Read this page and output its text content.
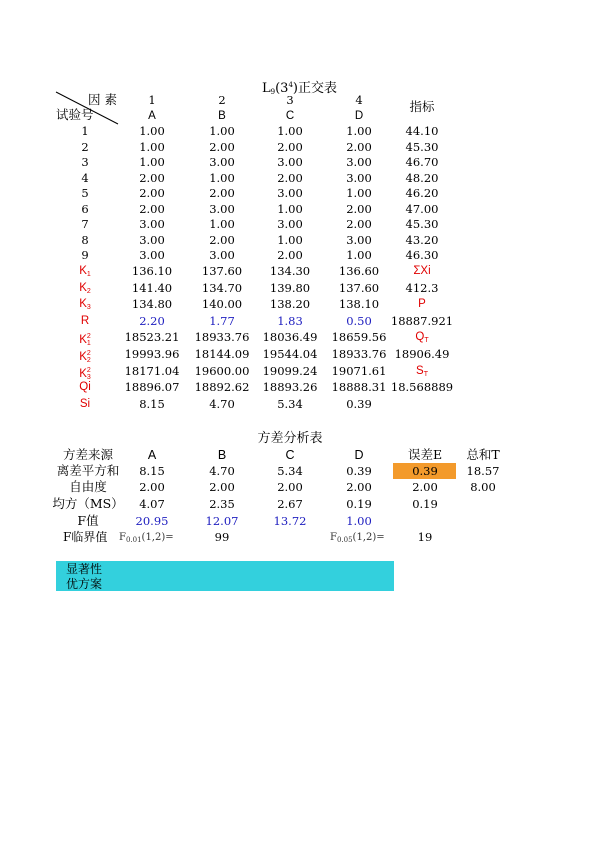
$L_9(3^4)$正交表
因 素
试验号
1	2	3	4
A	B	C	D
指标
1	1.00	1.00	1.00	1.00	44.10
2	1.00	2.00	2.00	2.00	45.30
3	1.00	3.00	3.00	3.00	46.70
4	2.00	1.00	2.00	3.00	48.20
5	2.00	2.00	3.00	1.00	46.20
6	2.00	3.00	1.00	2.00	47.00
7	3.00	1.00	3.00	2.00	45.30
8	3.00	2.00	1.00	3.00	43.20
9	3.00	3.00	2.00	1.00	46.30
$K_1$	136.10	137.60 134.30	136.60	ΣXi
$K_2$	141.40	134.70 139.80	137.60 412.3
$K_3$	134.80	140.00 138.20	138.10	P
R	2.20	1.77	1.83	0.50 18887.921
$K_1^2$	18523.21 18933.76 18036.49 18659.56	$Q_T$
$K_2^2$	19993.96 18144.09 19544.04 18933.76 18906.49
$K_3^2$	18171.04 19600.00 19099.24 19071.61	$S_T$
Qi	18896.07 18892.62 18893.26 18888.31 18.568889
Si	8.15	4.70	5.34	0.39
方差分析表
方差来源	A	B	C	D	误差E 总和T
离差平方和 8.15	4.70	5.34	0.39	0.39 18.57
自由度	2.00	2.00	2.00	2.00	2.00	8.00
均方（MS） 4.07	2.35	2.67	0.19	0.19
F值	20.95	12.07	13.72	1.00
F临界值 $F_{0.01}(1,2)=$	99	$F_{0.05}(1,2)=$	19
显著性
优方案
